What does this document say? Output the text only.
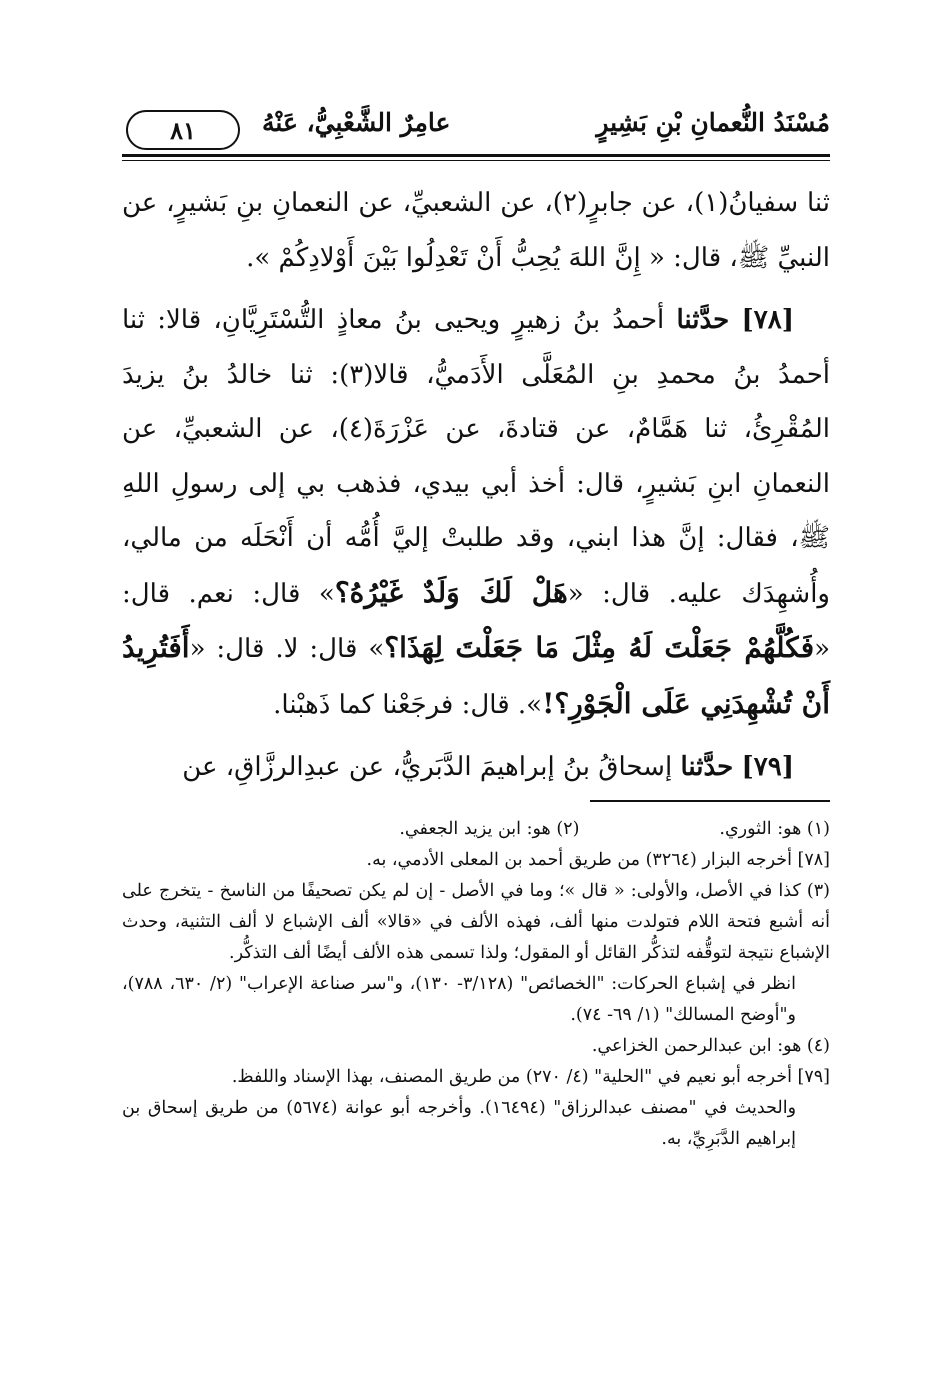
مُسْنَدُ النُّعمانِ بْنِ بَشِيرٍ
عامِرٌ الشَّعْبِيُّ، عَنْهُ
٨١

ثنا سفيانُ(١)، عن جابرٍ(٢)، عن الشعبيِّ، عن النعمانِ بنِ بَشيرٍ، عن النبيِّ ﷺ، قال: « إِنَّ اللهَ يُحِبُّ أَنْ تَعْدِلُوا بَيْنَ أَوْلادِكُمْ ».

[٧٨] حدَّثنا أحمدُ بنُ زهيرٍ ويحيى بنُ معاذٍ التُّسْتَرِيَّانِ، قالا: ثنا أحمدُ بنُ محمدِ بنِ المُعَلَّى الأَدَميُّ، قالا(٣): ثنا خالدُ بنُ يزيدَ المُقْرِئُ، ثنا هَمَّامٌ، عن قتادةَ، عن عَزْرَةَ(٤)، عن الشعبيِّ، عن النعمانِ ابنِ بَشيرٍ، قال: أخذ أبي بيدي، فذهب بي إلى رسولِ اللهِ ﷺ، فقال: إنَّ هذا ابني، وقد طلبتْ إليَّ أُمُّه أن أَنْحَلَه من مالي، وأُشهِدَك عليه. قال: «هَلْ لَكَ وَلَدٌ غَيْرُهُ؟» قال: نعم. قال: «فَكُلَّهُمْ جَعَلْتَ لَهُ مِثْلَ مَا جَعَلْتَ لِهَذَا؟» قال: لا. قال: «أَفَتُرِيدُ أَنْ تُشْهِدَنِي عَلَى الْجَوْرِ؟!». قال: فرجَعْنا كما ذَهبْنا.

[٧٩] حدَّثنا إسحاقُ بنُ إبراهيمَ الدَّبَريُّ، عن عبدِالرزَّاقِ، عن

(١) هو: الثوري.
(٢) هو: ابن يزيد الجعفي.

[٧٨] أخرجه البزار (٣٢٦٤) من طريق أحمد بن المعلى الأدمي، به.

(٣) كذا في الأصل، والأولى: « قال »؛ وما في الأصل - إن لم يكن تصحيفًا من الناسخ - يتخرج على أنه أشبع فتحة اللام فتولدت منها ألف، فهذه الألف في «قالا» ألف الإشباع لا ألف التثنية، وحدث الإشباع نتيجة لتوقُّفه لتذكُّر القائل أو المقول؛ ولذا تسمى هذه الألف أيضًا ألف التذكُّر.

انظر في إشباع الحركات: "الخصائص" (٣/١٢٨- ١٣٠)، و"سر صناعة الإعراب" (٢/ ٦٣٠، ٧٨٨)، و"أوضح المسالك" (١/ ٦٩- ٧٤).

(٤) هو: ابن عبدالرحمن الخزاعي.

[٧٩] أخرجه أبو نعيم في "الحلية" (٤/ ٢٧٠) من طريق المصنف، بهذا الإسناد واللفظ.

والحديث في "مصنف عبدالرزاق" (١٦٤٩٤). وأخرجه أبو عوانة (٥٦٧٤) من طريق إسحاق بن إبراهيم الدَّبَرِيِّ، به.
